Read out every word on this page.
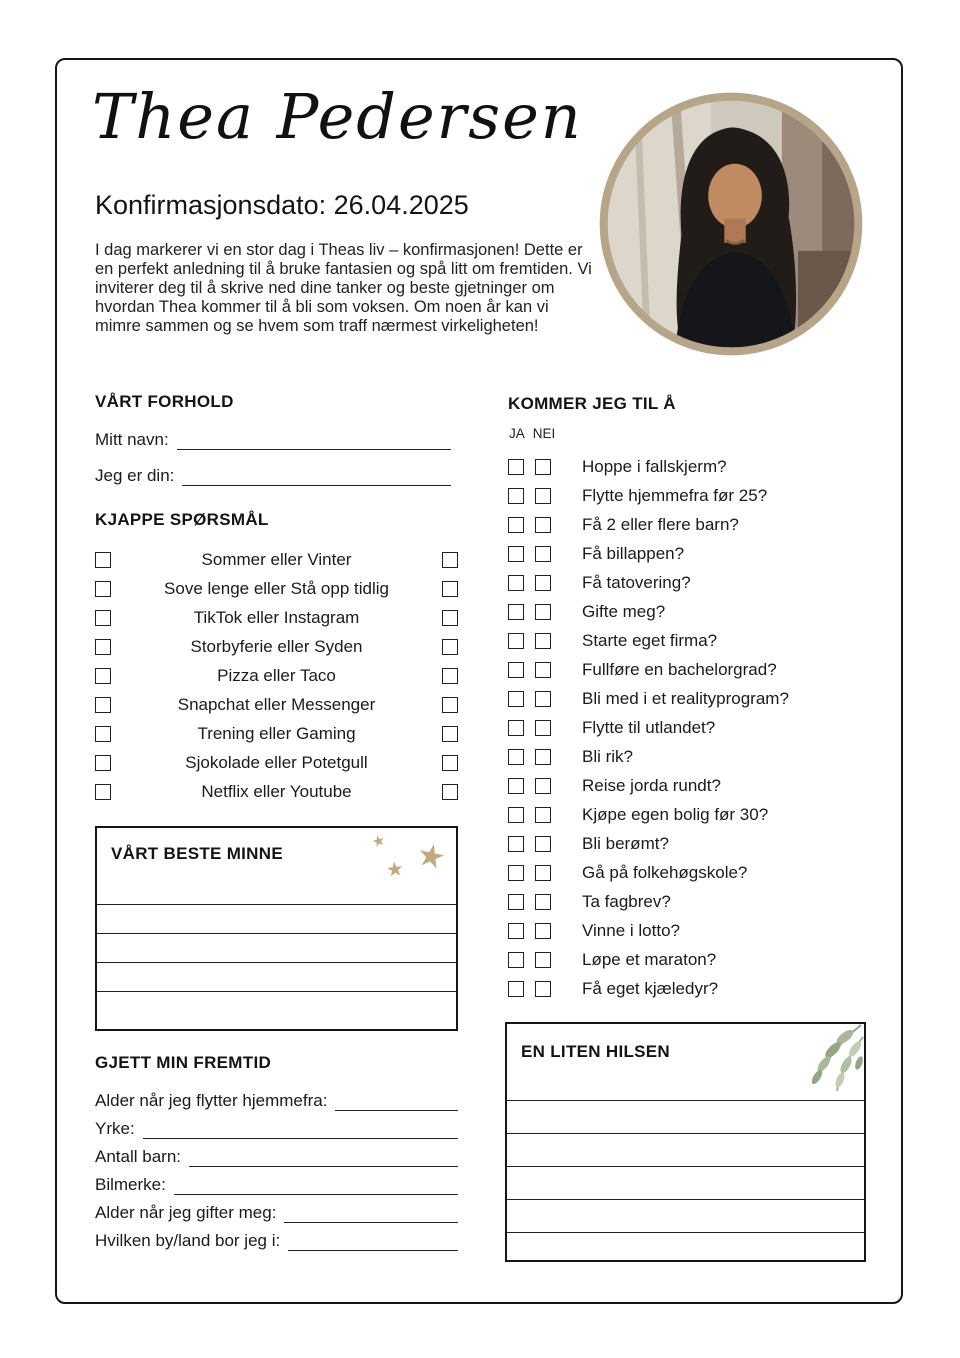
Thea Pedersen
Konfirmasjonsdato: 26.04.2025
I dag markerer vi en stor dag i Theas liv – konfirmasjonen! Dette er en perfekt anledning til å bruke fantasien og spå litt om fremtiden. Vi inviterer deg til å skrive ned dine tanker og beste gjetninger om hvordan Thea kommer til å bli som voksen. Om noen år kan vi mimre sammen og se hvem som traff nærmest virkeligheten!
VÅRT FORHOLD
Mitt navn:
Jeg er din:
KJAPPE SPØRSMÅL
Sommer eller Vinter
Sove lenge eller Stå opp tidlig
TikTok eller Instagram
Storbyferie eller Syden
Pizza eller Taco
Snapchat eller Messenger
Trening eller Gaming
Sjokolade eller Potetgull
Netflix eller Youtube
VÅRT BESTE MINNE
★ ★
★
GJETT MIN FREMTID
Alder når jeg flytter hjemmefra:
Yrke:
Antall barn:
Bilmerke:
Alder når jeg gifter meg:
Hvilken by/land bor jeg i:
KOMMER JEG TIL Å
JA NEI
Hoppe i fallskjerm?
Flytte hjemmefra før 25?
Få 2 eller flere barn?
Få billappen?
Få tatovering?
Gifte meg?
Starte eget firma?
Fullføre en bachelorgrad?
Bli med i et realityprogram?
Flytte til utlandet?
Bli rik?
Reise jorda rundt?
Kjøpe egen bolig før 30?
Bli berømt?
Gå på folkehøgskole?
Ta fagbrev?
Vinne i lotto?
Løpe et maraton?
Få eget kjæledyr?
EN LITEN HILSEN
